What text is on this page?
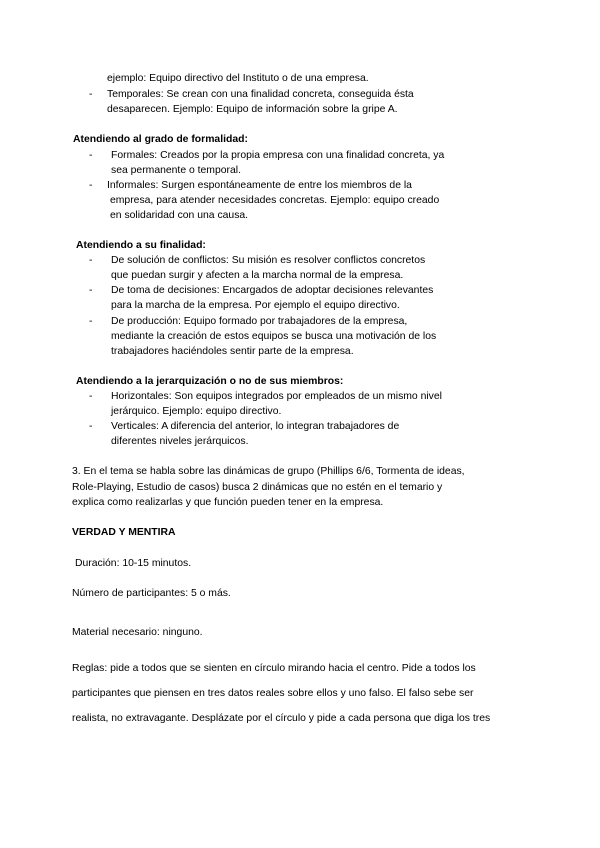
ejemplo: Equipo directivo del Instituto o de una empresa.
- Temporales: Se crean con una finalidad concreta, conseguida ésta
desaparecen. Ejemplo: Equipo de información sobre la gripe A.
Atendiendo al grado de formalidad:
- Formales: Creados por la propia empresa con una finalidad concreta, ya
sea permanente o temporal.
- Informales: Surgen espontáneamente de entre los miembros de la
empresa, para atender necesidades concretas. Ejemplo: equipo creado
en solidaridad con una causa.
Atendiendo a su finalidad:
- De solución de conflictos: Su misión es resolver conflictos concretos
que puedan surgir y afecten a la marcha normal de la empresa.
- De toma de decisiones: Encargados de adoptar decisiones relevantes
para la marcha de la empresa. Por ejemplo el equipo directivo.
- De producción: Equipo formado por trabajadores de la empresa,
mediante la creación de estos equipos se busca una motivación de los
trabajadores haciéndoles sentir parte de la empresa.
Atendiendo a la jerarquización o no de sus miembros:
- Horizontales: Son equipos integrados por empleados de un mismo nivel
jerárquico. Ejemplo: equipo directivo.
- Verticales: A diferencia del anterior, lo integran trabajadores de
diferentes niveles jerárquicos.
3. En el tema se habla sobre las dinámicas de grupo (Phillips 6/6, Tormenta de ideas,
Role-Playing, Estudio de casos) busca 2 dinámicas que no estén en el temario y
explica como realizarlas y que función pueden tener en la empresa.
VERDAD Y MENTIRA
Duración: 10-15 minutos.
Número de participantes: 5 o más.
Material necesario: ninguno.
Reglas: pide a todos que se sienten en círculo mirando hacia el centro. Pide a todos los
participantes que piensen en tres datos reales sobre ellos y uno falso. El falso sebe ser
realista, no extravagante. Desplázate por el círculo y pide a cada persona que diga los tres
